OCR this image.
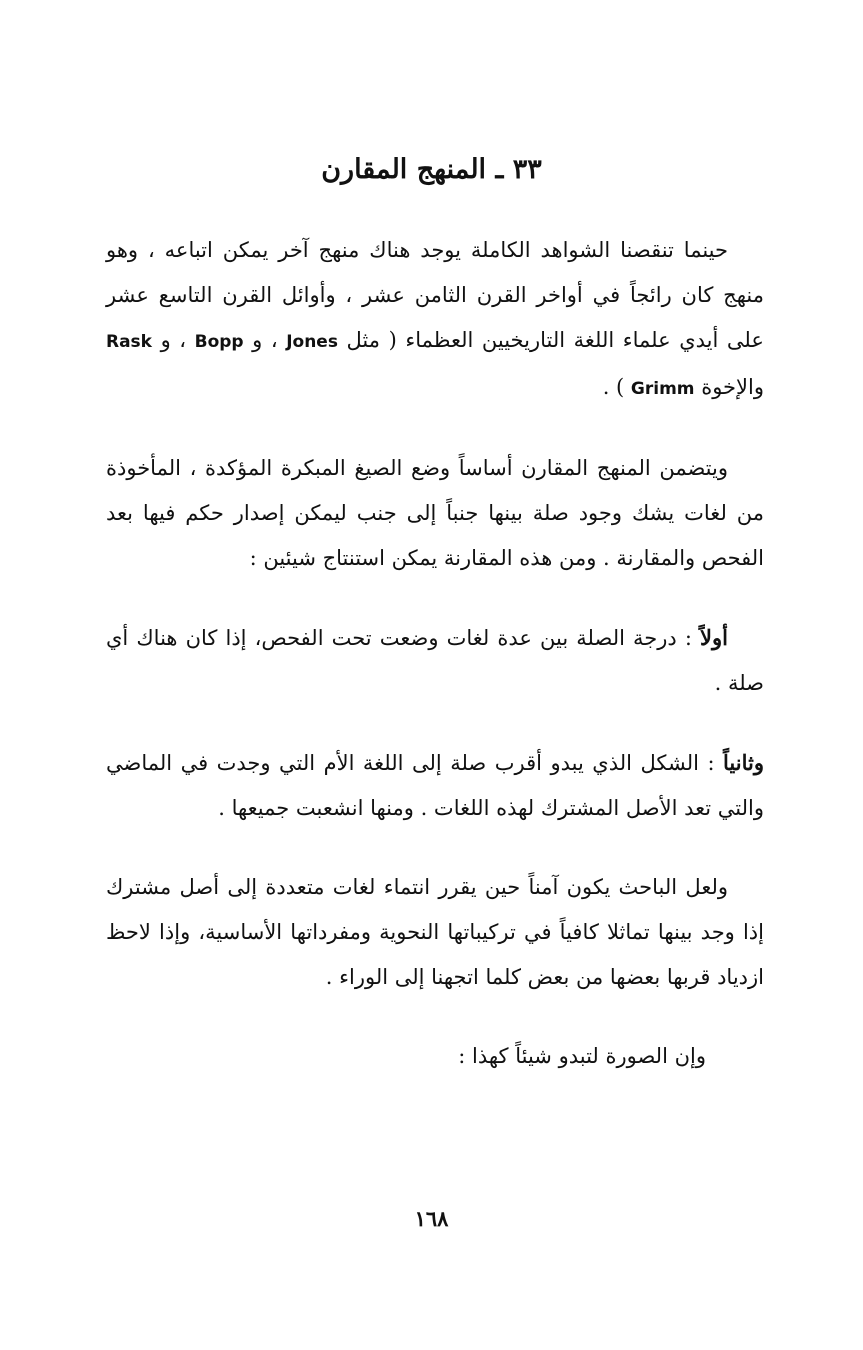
٣٣ ـ المنهج المقارن

حينما تنقصنا الشواهد الكاملة يوجد هناك منهج آخر يمكن اتباعه ، وهو منهج كان رائجاً في أواخر القرن الثامن عشر ، وأوائل القرن التاسع عشر على أيدي علماء اللغة التاريخيين العظماء ( مثل Jones ، و Bopp ، و Rask والإخوة Grimm ) .

ويتضمن المنهج المقارن أساساً وضع الصيغ المبكرة المؤكدة ، المأخوذة من لغات يشك وجود صلة بينها جنباً إلى جنب ليمكن إصدار حكم فيها بعد الفحص والمقارنة . ومن هذه المقارنة يمكن استنتاج شيئين :

أولاً : درجة الصلة بين عدة لغات وضعت تحت الفحص، إذا كان هناك أي صلة .

وثانياً : الشكل الذي يبدو أقرب صلة إلى اللغة الأم التي وجدت في الماضي والتي تعد الأصل المشترك لهذه اللغات . ومنها انشعبت جميعها .

ولعل الباحث يكون آمناً حين يقرر انتماء لغات متعددة إلى أصل مشترك إذا وجد بينها تماثلا كافياً في تركيباتها النحوية ومفرداتها الأساسية، وإذا لاحظ ازدياد قربها بعضها من بعض كلما اتجهنا إلى الوراء .

وإن الصورة لتبدو شيئاً كهذا :

١٦٨
